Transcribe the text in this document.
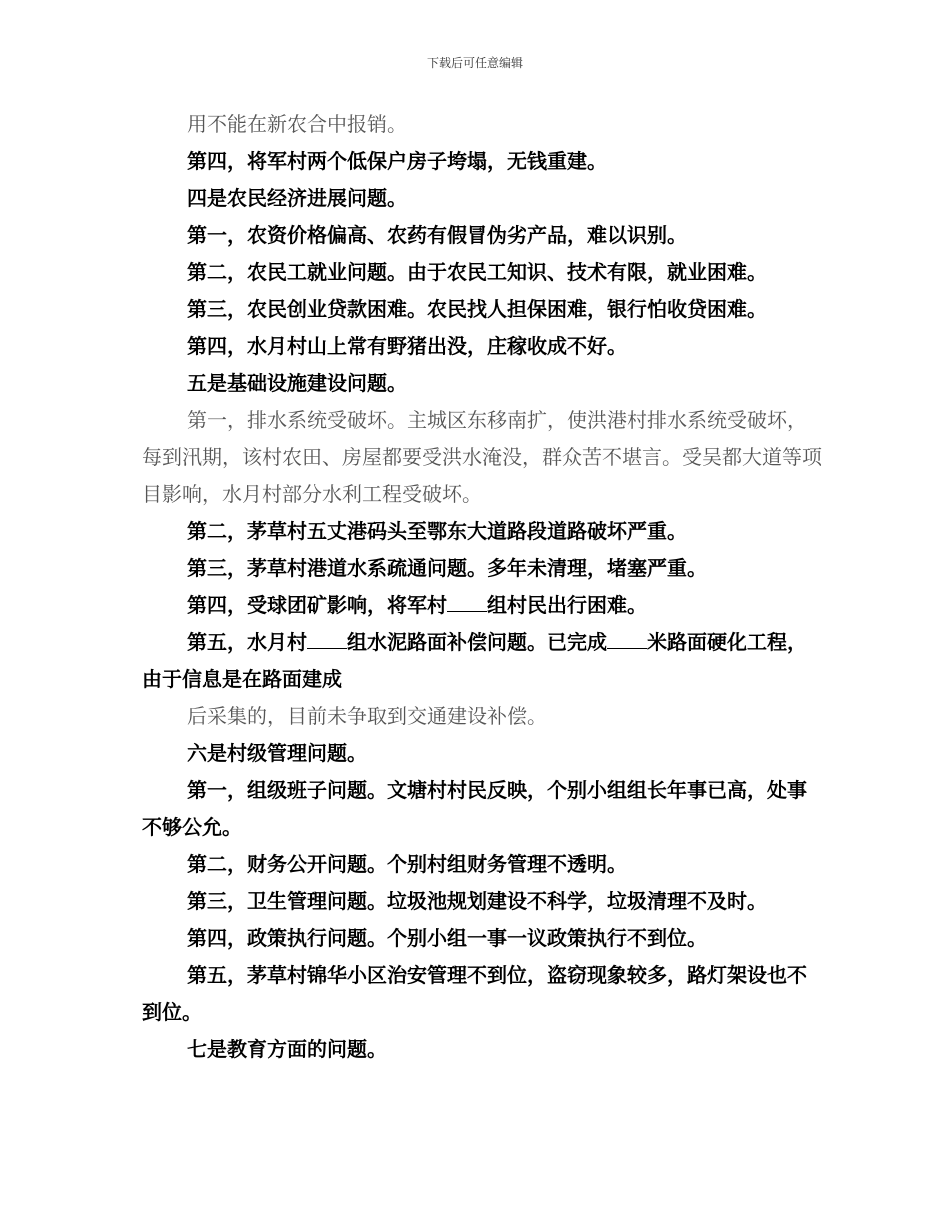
下载后可任意编辑

用不能在新农合中报销。

第四，将军村两个低保户房子垮塌，无钱重建。

四是农民经济进展问题。

第一，农资价格偏高、农药有假冒伪劣产品，难以识别。

第二，农民工就业问题。由于农民工知识、技术有限，就业困难。

第三，农民创业贷款困难。农民找人担保困难，银行怕收贷困难。

第四，水月村山上常有野猪出没，庄稼收成不好。

五是基础设施建设问题。

第一，排水系统受破坏。主城区东移南扩，使洪港村排水系统受破坏，每到汛期，该村农田、房屋都要受洪水淹没，群众苦不堪言。受吴都大道等项目影响，水月村部分水利工程受破坏。

第二，茅草村五丈港码头至鄂东大道路段道路破坏严重。

第三，茅草村港道水系疏通问题。多年未清理，堵塞严重。

第四，受球团矿影响，将军村 组村民出行困难。

第五，水月村 组水泥路面补偿问题。已完成 米路面硬化工程，由于信息是在路面建成

后采集的，目前未争取到交通建设补偿。

六是村级管理问题。

第一，组级班子问题。文塘村村民反映，个别小组组长年事已高，处事不够公允。

第二，财务公开问题。个别村组财务管理不透明。

第三，卫生管理问题。垃圾池规划建设不科学，垃圾清理不及时。

第四，政策执行问题。个别小组一事一议政策执行不到位。

第五，茅草村锦华小区治安管理不到位，盗窃现象较多，路灯架设也不到位。

七是教育方面的问题。
